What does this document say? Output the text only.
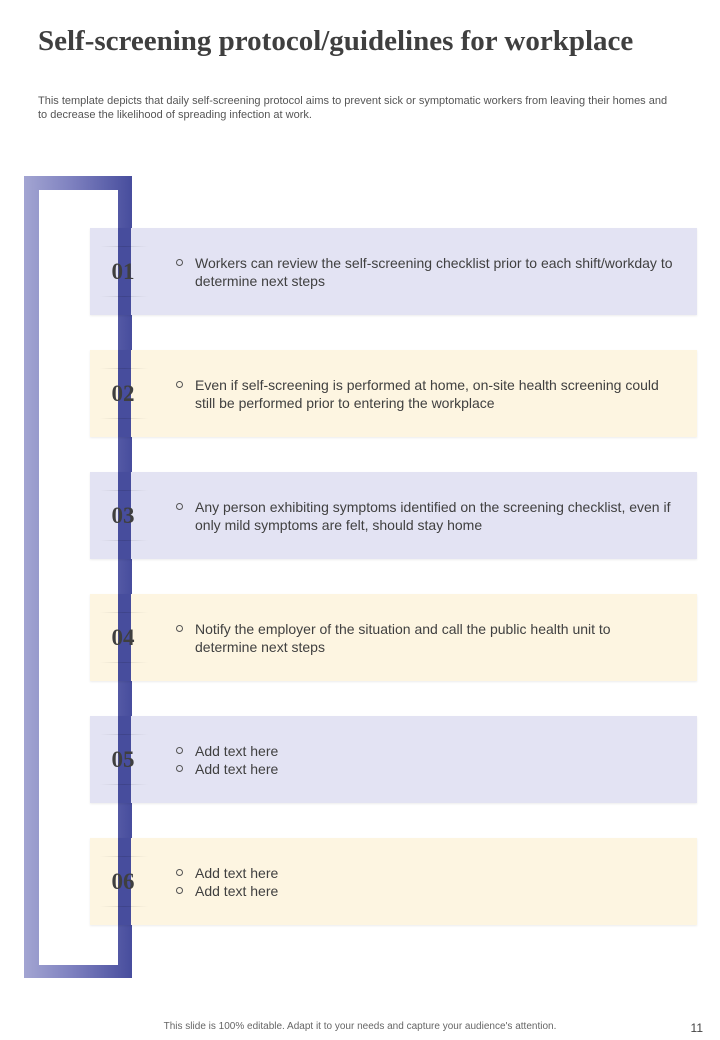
Self-screening protocol/guidelines for workplace

This template depicts that daily self-screening protocol aims to prevent sick or symptomatic workers from leaving their homes and to decrease the likelihood of spreading infection at work.

01	Workers can review the self-screening checklist prior to each shift/workday to determine next steps
02	Even if self-screening is performed at home, on-site health screening could still be performed prior to entering the workplace
03	Any person exhibiting symptoms identified on the screening checklist, even if only mild symptoms are felt, should stay home
04	Notify the employer of the situation and call the public health unit to determine next steps
05	Add text here
Add text here
06	Add text here
Add text here
This slide is 100% editable. Adapt it to your needs and capture your audience's attention.	11
